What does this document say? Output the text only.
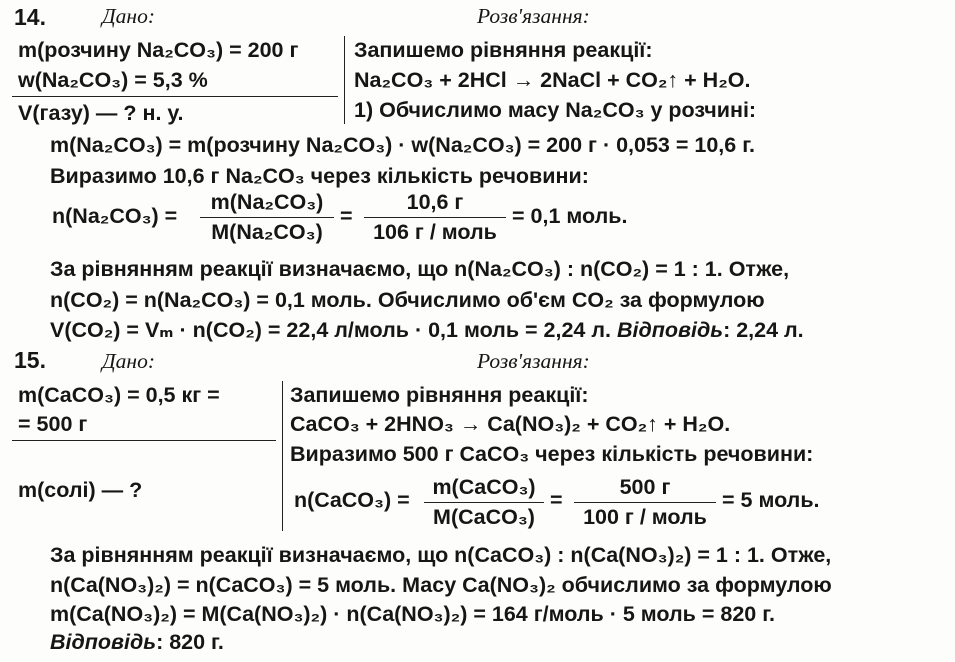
14.	Дано:	Розв'язання:
m(розчину Na₂CO₃) = 200 г
w(Na₂CO₃) = 5,3 %
V(газу) — ? н. у.
Запишемо рівняння реакції:
Na₂CO₃ + 2HCl → 2NaCl + CO₂↑ + H₂O.
1) Обчислимо масу Na₂CO₃ у розчині:
m(Na₂CO₃) = m(розчину Na₂CO₃) · w(Na₂CO₃) = 200 г · 0,053 = 10,6 г.
Виразимо 10,6 г Na₂CO₃ через кількість речовини:
$n(Na_2CO_3) = \frac{\text{m(Na₂CO₃)}}{\text{M(Na₂CO₃)}}$ =
10,6 г
106 г / моль
= 0,1 моль.
За рівнянням реакції визначаємо, що n(Na₂CO₃) : n(CO₂) = 1 : 1. Отже,
n(CO₂) = n(Na₂CO₃) = 0,1 моль. Обчислимо об'єм CO₂ за формулою
V(CO₂) = Vₘ · n(CO₂) = 22,4 л/моль · 0,1 моль = 2,24 л. Відповідь: 2,24 л.
15.	Дано:	Розв'язання:
m(CaCO₃) = 0,5 кг =
= 500 г
m(солі) — ?
Запишемо рівняння реакції:
CaCO₃ + 2HNO₃ → Ca(NO₃)₂ + CO₂↑ + H₂O.
Виразимо 500 г CaCO₃ через кількість речовини:
n(CaCO₃) =
m(CaCO₃)
M(CaCO₃)
=
500 г
100 г / моль
= 5 моль.
За рівнянням реакції визначаємо, що n(CaCO₃) : n(Ca(NO₃)₂) = 1 : 1. Отже,
n(Ca(NO₃)₂) = n(CaCO₃) = 5 моль. Масу Ca(NO₃)₂ обчислимо за формулою
m(Ca(NO₃)₂) = M(Ca(NO₃)₂) · n(Ca(NO₃)₂) = 164 г/моль · 5 моль = 820 г.
Відповідь: 820 г.
